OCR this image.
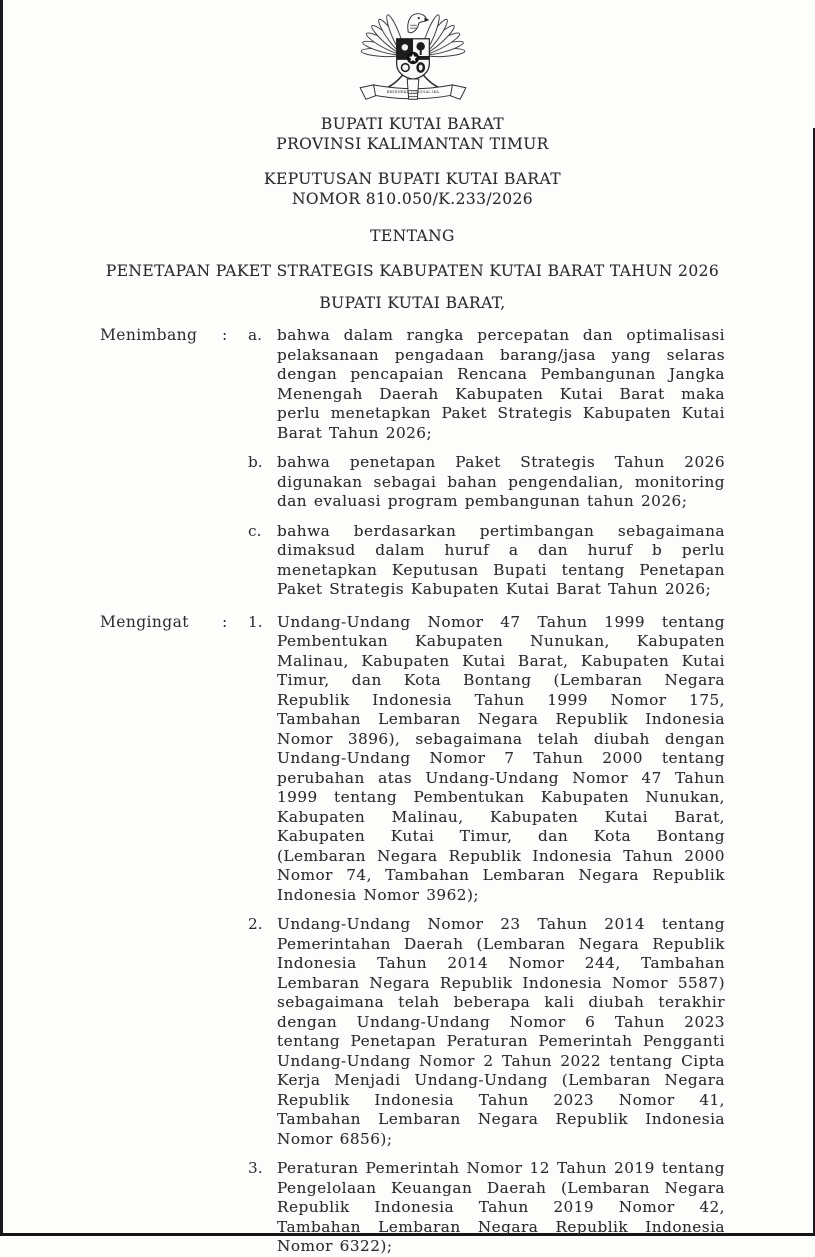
BHINNEKA TUNGGAL IKA
BUPATI KUTAI BARAT
PROVINSI KALIMANTAN TIMUR
KEPUTUSAN BUPATI KUTAI BARAT
NOMOR 810.050/K.233/2026
TENTANG
PENETAPAN PAKET STRATEGIS KABUPATEN KUTAI BARAT TAHUN 2026
BUPATI KUTAI BARAT,
Menimbang	:	a. bahwa dalam rangka percepatan dan optimalisasi pelaksanaan pengadaan barang/jasa yang selaras dengan pencapaian Rencana Pembangunan Jangka Menengah Daerah Kabupaten Kutai Barat maka perlu menetapkan Paket Strategis Kabupaten Kutai Barat Tahun 2026;
b. bahwa penetapan Paket Strategis Tahun 2026 digunakan sebagai bahan pengendalian, monitoring dan evaluasi program pembangunan tahun 2026;
c.	bahwa berdasarkan pertimbangan sebagaimana dimaksud dalam huruf a dan huruf b perlu menetapkan Keputusan Bupati tentang Penetapan Paket Strategis Kabupaten Kutai Barat Tahun 2026;
Mengingat	:	1. Undang-Undang Nomor 47 Tahun 1999 tentang Pembentukan Kabupaten Nunukan, Kabupaten Malinau, Kabupaten Kutai Barat, Kabupaten Kutai Timur, dan Kota Bontang (Lembaran Negara Republik Indonesia Tahun 1999 Nomor 175, Tambahan Lembaran Negara Republik Indonesia Nomor 3896), sebagaimana telah diubah dengan Undang-Undang Nomor 7 Tahun 2000 tentang perubahan atas Undang-Undang Nomor 47 Tahun 1999 tentang Pembentukan Kabupaten Nunukan, Kabupaten Malinau, Kabupaten Kutai Barat, Kabupaten Kutai Timur, dan Kota Bontang (Lembaran Negara Republik Indonesia Tahun 2000 Nomor 74, Tambahan Lembaran Negara Republik Indonesia Nomor 3962);
2. Undang-Undang Nomor 23 Tahun 2014 tentang Pemerintahan Daerah (Lembaran Negara Republik Indonesia Tahun 2014 Nomor 244, Tambahan Lembaran Negara Republik Indonesia Nomor 5587) sebagaimana telah beberapa kali diubah terakhir dengan Undang-Undang Nomor 6 Tahun 2023 tentang Penetapan Peraturan Pemerintah Pengganti Undang-Undang Nomor 2 Tahun 2022 tentang Cipta Kerja Menjadi Undang-Undang (Lembaran Negara Republik Indonesia Tahun 2023 Nomor 41, Tambahan Lembaran Negara Republik Indonesia Nomor 6856);
3. Peraturan Pemerintah Nomor 12 Tahun 2019 tentang Pengelolaan Keuangan Daerah (Lembaran Negara Republik Indonesia Tahun 2019 Nomor 42, Tambahan Lembaran Negara Republik Indonesia Nomor 6322);
